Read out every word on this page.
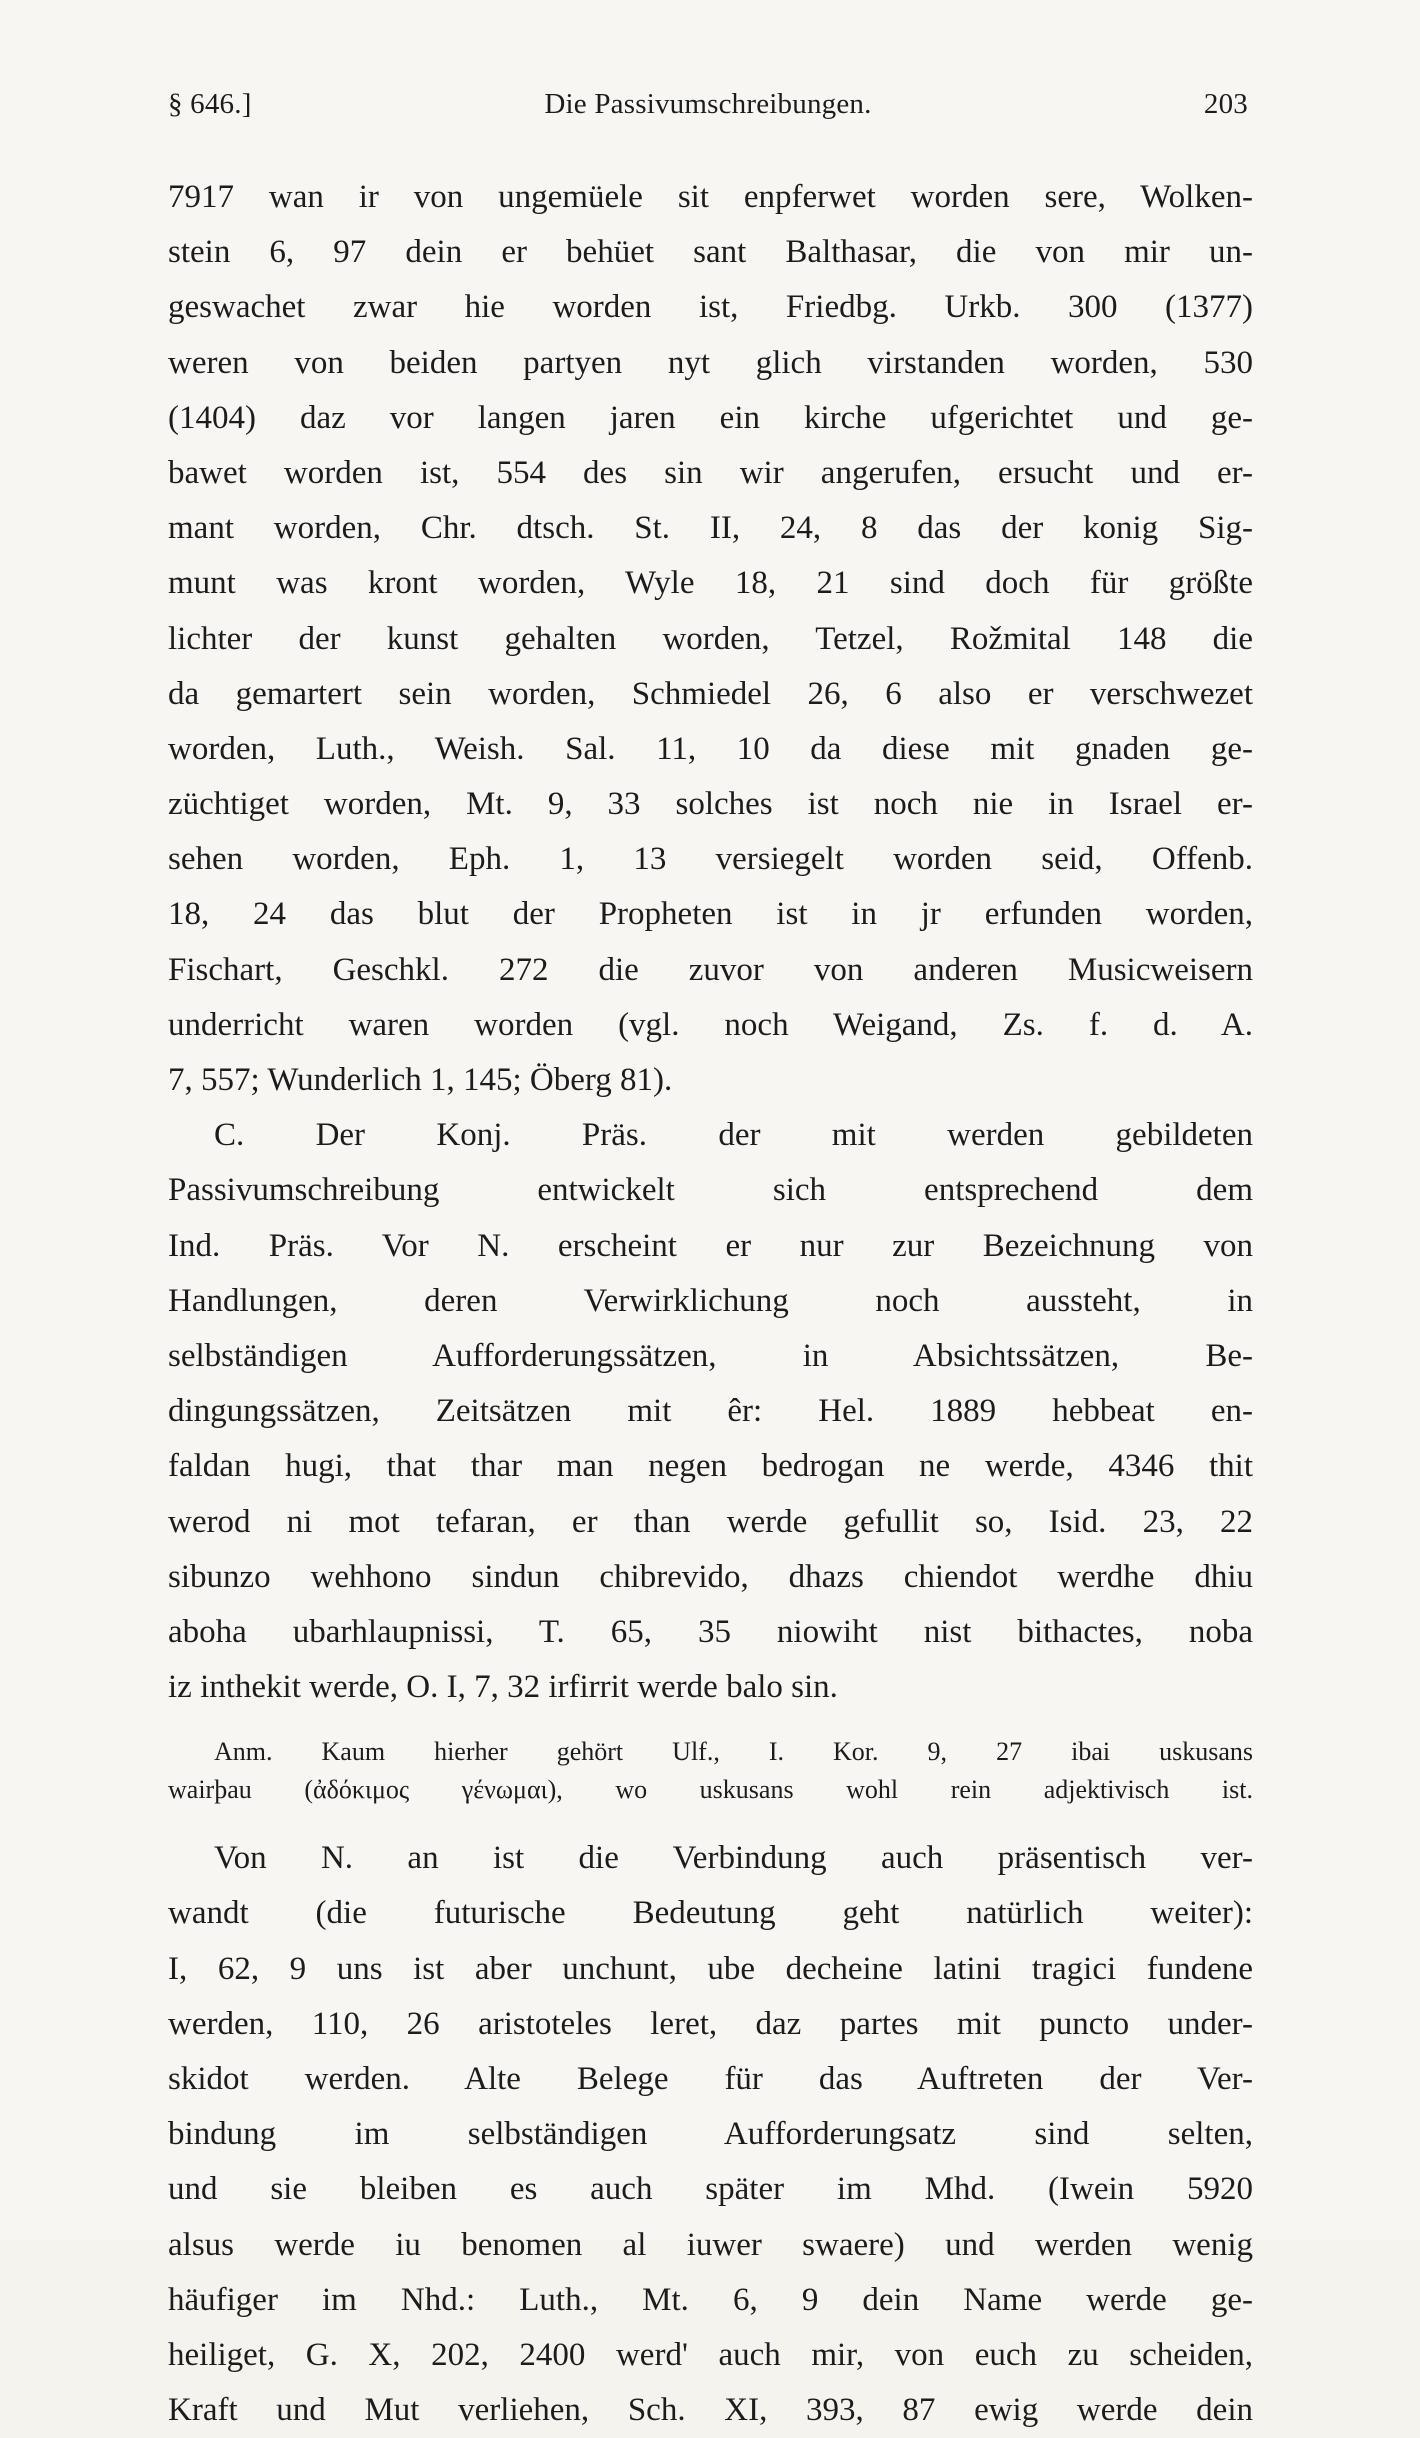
§ 646.]	Die Passivumschreibungen.	203
7917 wan ir von ungemüele sit enpferwet worden sere, Wolken-
stein 6, 97 dein er behüet sant Balthasar, die von mir un-
geswachet zwar hie worden ist, Friedbg. Urkb. 300 (1377)
weren von beiden partyen nyt glich virstanden worden, 530
(1404) daz vor langen jaren ein kirche ufgerichtet und ge-
bawet worden ist, 554 des sin wir angerufen, ersucht und er-
mant worden, Chr. dtsch. St. II, 24, 8 das der konig Sig-
munt was kront worden, Wyle 18, 21 sind doch für größte
lichter der kunst gehalten worden, Tetzel, Rožmital 148 die
da gemartert sein worden, Schmiedel 26, 6 also er verschwezet
worden, Luth., Weish. Sal. 11, 10 da diese mit gnaden ge-
züchtiget worden, Mt. 9, 33 solches ist noch nie in Israel er-
sehen worden, Eph. 1, 13 versiegelt worden seid, Offenb.
18, 24 das blut der Propheten ist in jr erfunden worden,
Fischart, Geschkl. 272 die zuvor von anderen Musicweisern
underricht waren worden (vgl. noch Weigand, Zs. f. d. A.
7, 557; Wunderlich 1, 145; Öberg 81).
C. Der Konj. Präs. der mit werden gebildeten
Passivumschreibung entwickelt sich entsprechend dem
Ind. Präs. Vor N. erscheint er nur zur Bezeichnung von
Handlungen, deren Verwirklichung noch aussteht, in
selbständigen Aufforderungssätzen, in Absichtssätzen, Be-
dingungssätzen, Zeitsätzen mit êr: Hel. 1889 hebbeat en-
faldan hugi, that thar man negen bedrogan ne werde, 4346 thit
werod ni mot tefaran, er than werde gefullit so, Isid. 23, 22
sibunzo wehhono sindun chibrevido, dhazs chiendot werdhe dhiu
aboha ubarhlaupnissi, T. 65, 35 niowiht nist bithactes, noba
iz inthekit werde, O. I, 7, 32 irfirrit werde balo sin.
Anm. Kaum hierher gehört Ulf., I. Kor. 9, 27 ibai uskusans
wairþau (ἀδόκιμος γένωμαι), wo uskusans wohl rein adjektivisch ist.
Von N. an ist die Verbindung auch präsentisch ver-
wandt (die futurische Bedeutung geht natürlich weiter):
I, 62, 9 uns ist aber unchunt, ube decheine latini tragici fundene
werden, 110, 26 aristoteles leret, daz partes mit puncto under-
skidot werden. Alte Belege für das Auftreten der Ver-
bindung im selbständigen Aufforderungsatz sind selten,
und sie bleiben es auch später im Mhd. (Iwein 5920
alsus werde iu benomen al iuwer swaere) und werden wenig
häufiger im Nhd.: Luth., Mt. 6, 9 dein Name werde ge-
heiliget, G. X, 202, 2400 werd' auch mir, von euch zu scheiden,
Kraft und Mut verliehen, Sch. XI, 393, 87 ewig werde dein
